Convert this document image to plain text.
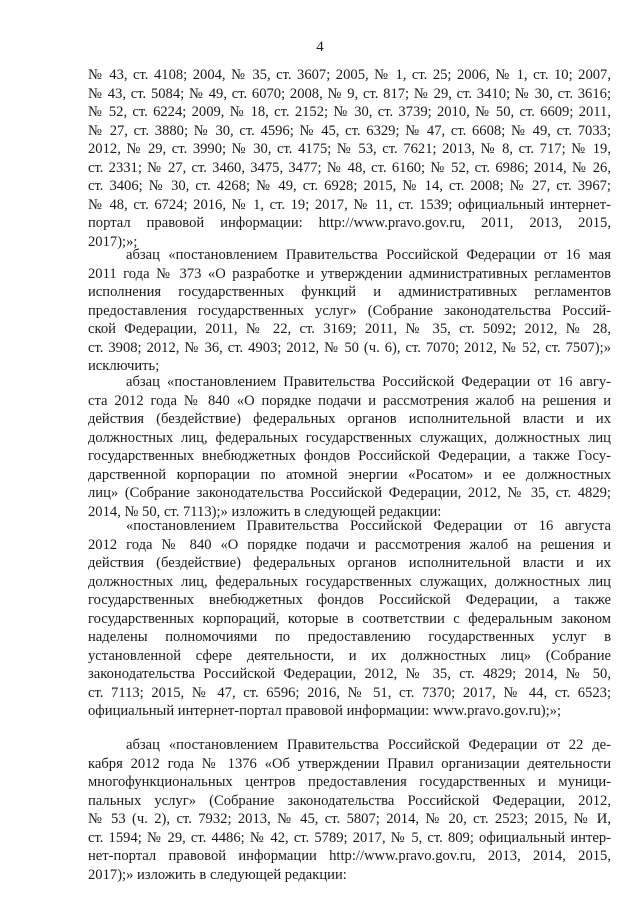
4
№ 43, ст. 4108; 2004, № 35, ст. 3607; 2005, № 1, ст. 25; 2006, № 1, ст. 10; 2007,
№ 43, ст. 5084; № 49, ст. 6070; 2008, № 9, ст. 817; № 29, ст. 3410; № 30, ст. 3616;
№ 52, ст. 6224; 2009, № 18, ст. 2152; № 30, ст. 3739; 2010, № 50, ст. 6609; 2011,
№ 27, ст. 3880; № 30, ст. 4596; № 45, ст. 6329; № 47, ст. 6608; № 49, ст. 7033;
2012, № 29, ст. 3990; № 30, ст. 4175; № 53, ст. 7621; 2013, № 8, ст. 717; № 19,
ст. 2331; № 27, ст. 3460, 3475, 3477; № 48, ст. 6160; № 52, ст. 6986; 2014, № 26,
ст. 3406; № 30, ст. 4268; № 49, ст. 6928; 2015, № 14, ст. 2008; № 27, ст. 3967;
№ 48, ст. 6724; 2016, № 1, ст. 19; 2017, № 11, ст. 1539; официальный интернет-
портал правовой информации: http://www.pravo.gov.ru, 2011, 2013, 2015,
2017);»;
абзац «постановлением Правительства Российской Федерации от 16 мая
2011 года № 373 «О разработке и утверждении административных регламентов
исполнения государственных функций и административных регламентов
предоставления государственных услуг» (Собрание законодательства Россий-
ской Федерации, 2011, № 22, ст. 3169; 2011, № 35, ст. 5092; 2012, № 28,
ст. 3908; 2012, № 36, ст. 4903; 2012, № 50 (ч. 6), ст. 7070; 2012, № 52, ст. 7507);»
исключить;
абзац «постановлением Правительства Российской Федерации от 16 авгу-
ста 2012 года № 840 «О порядке подачи и рассмотрения жалоб на решения и
действия (бездействие) федеральных органов исполнительной власти и их
должностных лиц, федеральных государственных служащих, должностных лиц
государственных внебюджетных фондов Российской Федерации, а также Госу-
дарственной корпорации по атомной энергии «Росатом» и ее должностных
лиц» (Собрание законодательства Российской Федерации, 2012, № 35, ст. 4829;
2014, № 50, ст. 7113);» изложить в следующей редакции:
«постановлением Правительства Российской Федерации от 16 августа
2012 года № 840 «О порядке подачи и рассмотрения жалоб на решения и
действия (бездействие) федеральных органов исполнительной власти и их
должностных лиц, федеральных государственных служащих, должностных лиц
государственных внебюджетных фондов Российской Федерации, а также
государственных корпораций, которые в соответствии с федеральным законом
наделены полномочиями по предоставлению государственных услуг в
установленной сфере деятельности, и их должностных лиц» (Собрание
законодательства Российской Федерации, 2012, № 35, ст. 4829; 2014, № 50,
ст. 7113; 2015, № 47, ст. 6596; 2016, № 51, ст. 7370; 2017, № 44, ст. 6523;
официальный интернет-портал правовой информации: www.pravo.gov.ru);»;
абзац «постановлением Правительства Российской Федерации от 22 де-
кабря 2012 года № 1376 «Об утверждении Правил организации деятельности
многофункциональных центров предоставления государственных и муници-
пальных услуг» (Собрание законодательства Российской Федерации, 2012,
№ 53 (ч. 2), ст. 7932; 2013, № 45, ст. 5807; 2014, № 20, ст. 2523; 2015, № И,
ст. 1594; № 29, ст. 4486; № 42, ст. 5789; 2017, № 5, ст. 809; официальный интер-
нет-портал правовой информации http://www.pravo.gov.ru, 2013, 2014, 2015,
2017);» изложить в следующей редакции:
